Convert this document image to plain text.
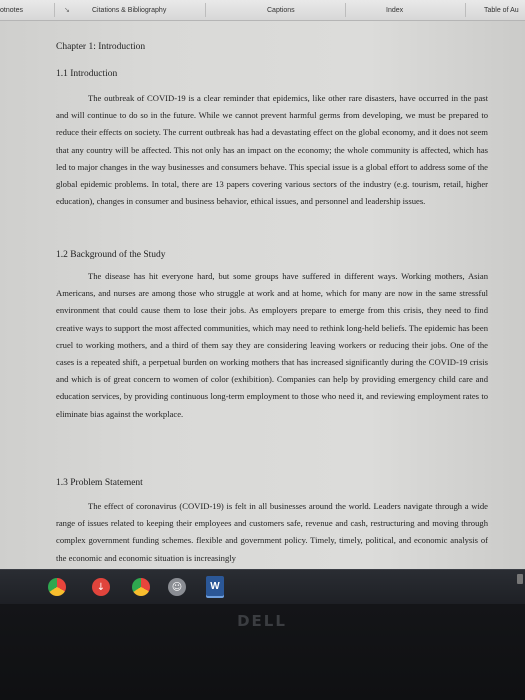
otnotes	↘	Citations & Bibliography	Captions	Index	Table of Au
Chapter 1: Introduction
1.1 Introduction

The outbreak of COVID-19 is a clear reminder that epidemics, like other rare disasters, have occurred in the past and will continue to do so in the future. While we cannot prevent harmful germs from developing, we must be prepared to reduce their effects on society. The current outbreak has had a devastating effect on the global economy, and it does not seem that any country will be affected. This not only has an impact on the economy; the whole community is affected, which has led to major changes in the way businesses and consumers behave. This special issue is a global effort to address some of the global epidemic problems. In total, there are 13 papers covering various sectors of the industry (e.g. tourism, retail, higher education), changes in consumer and business behavior, ethical issues, and personnel and leadership issues.

1.2 Background of the Study

The disease has hit everyone hard, but some groups have suffered in different ways. Working mothers, Asian Americans, and nurses are among those who struggle at work and at home, which for many are now in the same stressful environment that could cause them to lose their jobs. As employers prepare to emerge from this crisis, they need to find creative ways to support the most affected communities, which may need to rethink long-held beliefs. The epidemic has been cruel to working mothers, and a third of them say they are considering leaving workers or reducing their jobs. One of the cases is a repeated shift, a perpetual burden on working mothers that has increased significantly during the COVID-19 crisis and which is of great concern to women of color (exhibition). Companies can help by providing emergency child care and education services, by providing continuous long-term employment to those who need it, and reviewing employment rates to eliminate bias against the workplace.

1.3 Problem Statement

The effect of coronavirus (COVID-19) is felt in all businesses around the world. Leaders navigate through a wide range of issues related to keeping their employees and customers safe, revenue and cash, restructuring and moving through complex government funding schemes. flexible and government policy. Timely, timely, political, and economic analysis of the economic and economic situation is increasingly

↓	☺	W
DELL
